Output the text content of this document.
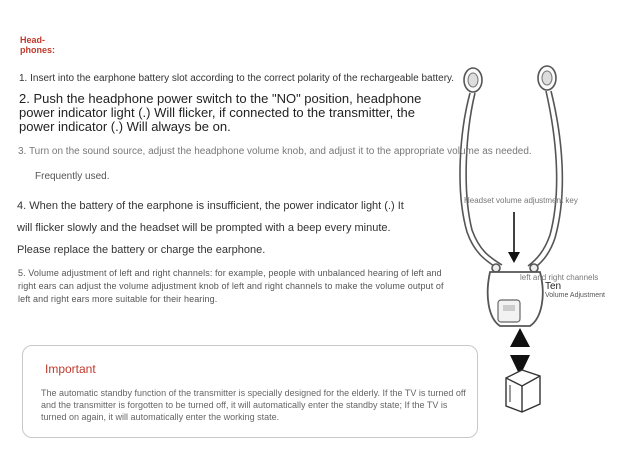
Head-
phones:
1. Insert into the earphone battery slot according to the correct polarity of the rechargeable battery.
2. Push the headphone power switch to the "NO" position, headphone power indicator light (.) Will flicker, if connected to the transmitter, the power indicator (.) Will always be on.
3. Turn on the sound source, adjust the headphone volume knob, and adjust it to the appropriate volume as needed.
Frequently used.
4. When the battery of the earphone is insufficient, the power indicator light (.) It will flicker slowly and the headset will be prompted with a beep every minute. Please replace the battery or charge the earphone.
5. Volume adjustment of left and right channels: for example, people with unbalanced hearing of left and right ears can adjust the volume adjustment knob of left and right channels to make the volume output of left and right ears more suitable for their hearing.
Important
The automatic standby function of the transmitter is specially designed for the elderly. If the TV is turned off and the transmitter is forgotten to be turned off, it will automatically enter the standby state; If the TV is turned on again, it will automatically enter the working state.
Headset volume adjustment key
left and right channels
Ten
Volume Adjustment
